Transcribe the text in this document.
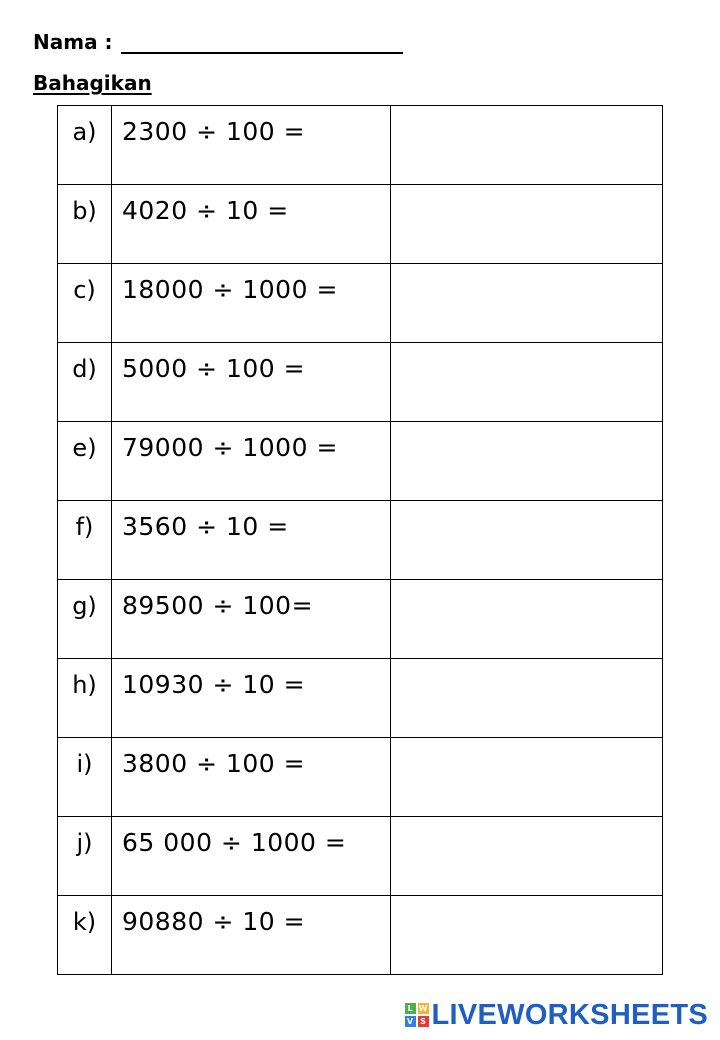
Nama :
Bahagikan
a)	2300 ÷ 100 =	

b)	4020 ÷ 10 =	

c)	18000 ÷ 1000 =	

d)	5000 ÷ 100 =	

e)	79000 ÷ 1000 =	

f)	3560 ÷ 10 =	

g)	89500 ÷ 100=	

h)	10930 ÷ 10 =	

i)	3800 ÷ 100 =	

j)	65 000 ÷ 1000 =	

k)	90880 ÷ 10 =	

L W
V S LIVEWORKSHEETS
